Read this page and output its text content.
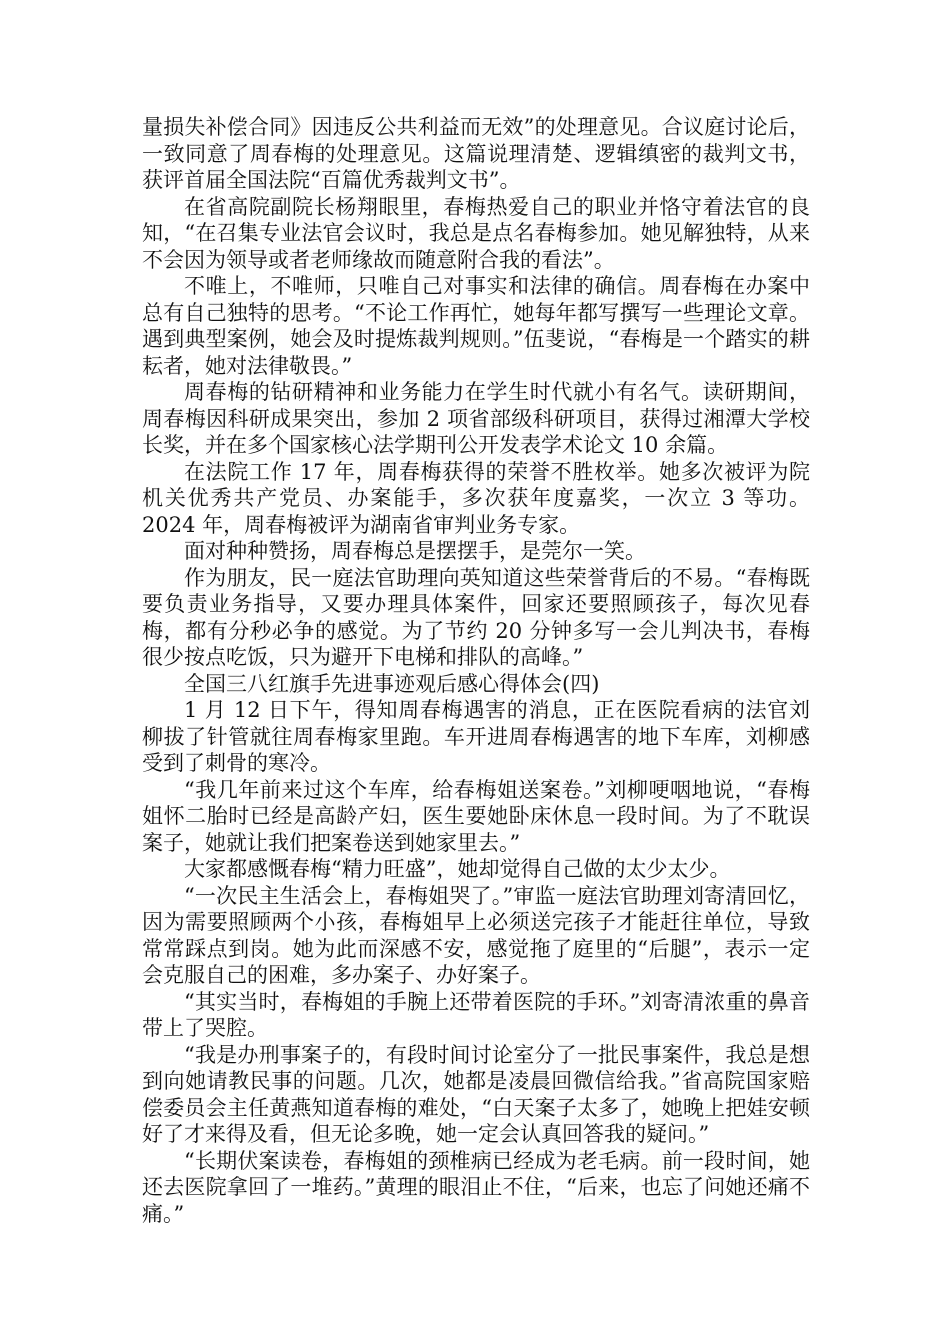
量损失补偿合同》因违反公共利益而无效”的处理意见。合议庭讨论后，一致同意了周春梅的处理意见。这篇说理清楚、逻辑缜密的裁判文书，获评首届全国法院“百篇优秀裁判文书”。

在省高院副院长杨翔眼里，春梅热爱自己的职业并恪守着法官的良知，“在召集专业法官会议时，我总是点名春梅参加。她见解独特，从来不会因为领导或者老师缘故而随意附合我的看法”。

不唯上，不唯师，只唯自己对事实和法律的确信。周春梅在办案中总有自己独特的思考。“不论工作再忙，她每年都写撰写一些理论文章。遇到典型案例，她会及时提炼裁判规则。”伍斐说，“春梅是一个踏实的耕耘者，她对法律敬畏。”

周春梅的钻研精神和业务能力在学生时代就小有名气。读研期间，周春梅因科研成果突出，参加 2 项省部级科研项目，获得过湘潭大学校长奖，并在多个国家核心法学期刊公开发表学术论文 10 余篇。

在法院工作 17 年，周春梅获得的荣誉不胜枚举。她多次被评为院机关优秀共产党员、办案能手，多次获年度嘉奖，一次立 3 等功。2024 年，周春梅被评为湖南省审判业务专家。

面对种种赞扬，周春梅总是摆摆手，是莞尔一笑。

作为朋友，民一庭法官助理向英知道这些荣誉背后的不易。“春梅既要负责业务指导，又要办理具体案件，回家还要照顾孩子，每次见春梅，都有分秒必争的感觉。为了节约 20 分钟多写一会儿判决书，春梅很少按点吃饭，只为避开下电梯和排队的高峰。”

全国三八红旗手先进事迹观后感心得体会(四)

1 月 12 日下午，得知周春梅遇害的消息，正在医院看病的法官刘柳拔了针管就往周春梅家里跑。车开进周春梅遇害的地下车库，刘柳感受到了刺骨的寒冷。

“我几年前来过这个车库，给春梅姐送案卷。”刘柳哽咽地说，“春梅姐怀二胎时已经是高龄产妇，医生要她卧床休息一段时间。为了不耽误案子，她就让我们把案卷送到她家里去。”

大家都感慨春梅“精力旺盛”，她却觉得自己做的太少太少。

“一次民主生活会上，春梅姐哭了。”审监一庭法官助理刘寄清回忆，因为需要照顾两个小孩，春梅姐早上必须送完孩子才能赶往单位，导致常常踩点到岗。她为此而深感不安，感觉拖了庭里的“后腿”，表示一定会克服自己的困难，多办案子、办好案子。

“其实当时，春梅姐的手腕上还带着医院的手环。”刘寄清浓重的鼻音带上了哭腔。

“我是办刑事案子的，有段时间讨论室分了一批民事案件，我总是想到向她请教民事的问题。几次，她都是凌晨回微信给我。”省高院国家赔偿委员会主任黄燕知道春梅的难处，“白天案子太多了，她晚上把娃安顿好了才来得及看，但无论多晚，她一定会认真回答我的疑问。”

“长期伏案读卷，春梅姐的颈椎病已经成为老毛病。前一段时间，她还去医院拿回了一堆药。”黄理的眼泪止不住，“后来，也忘了问她还痛不痛。”
